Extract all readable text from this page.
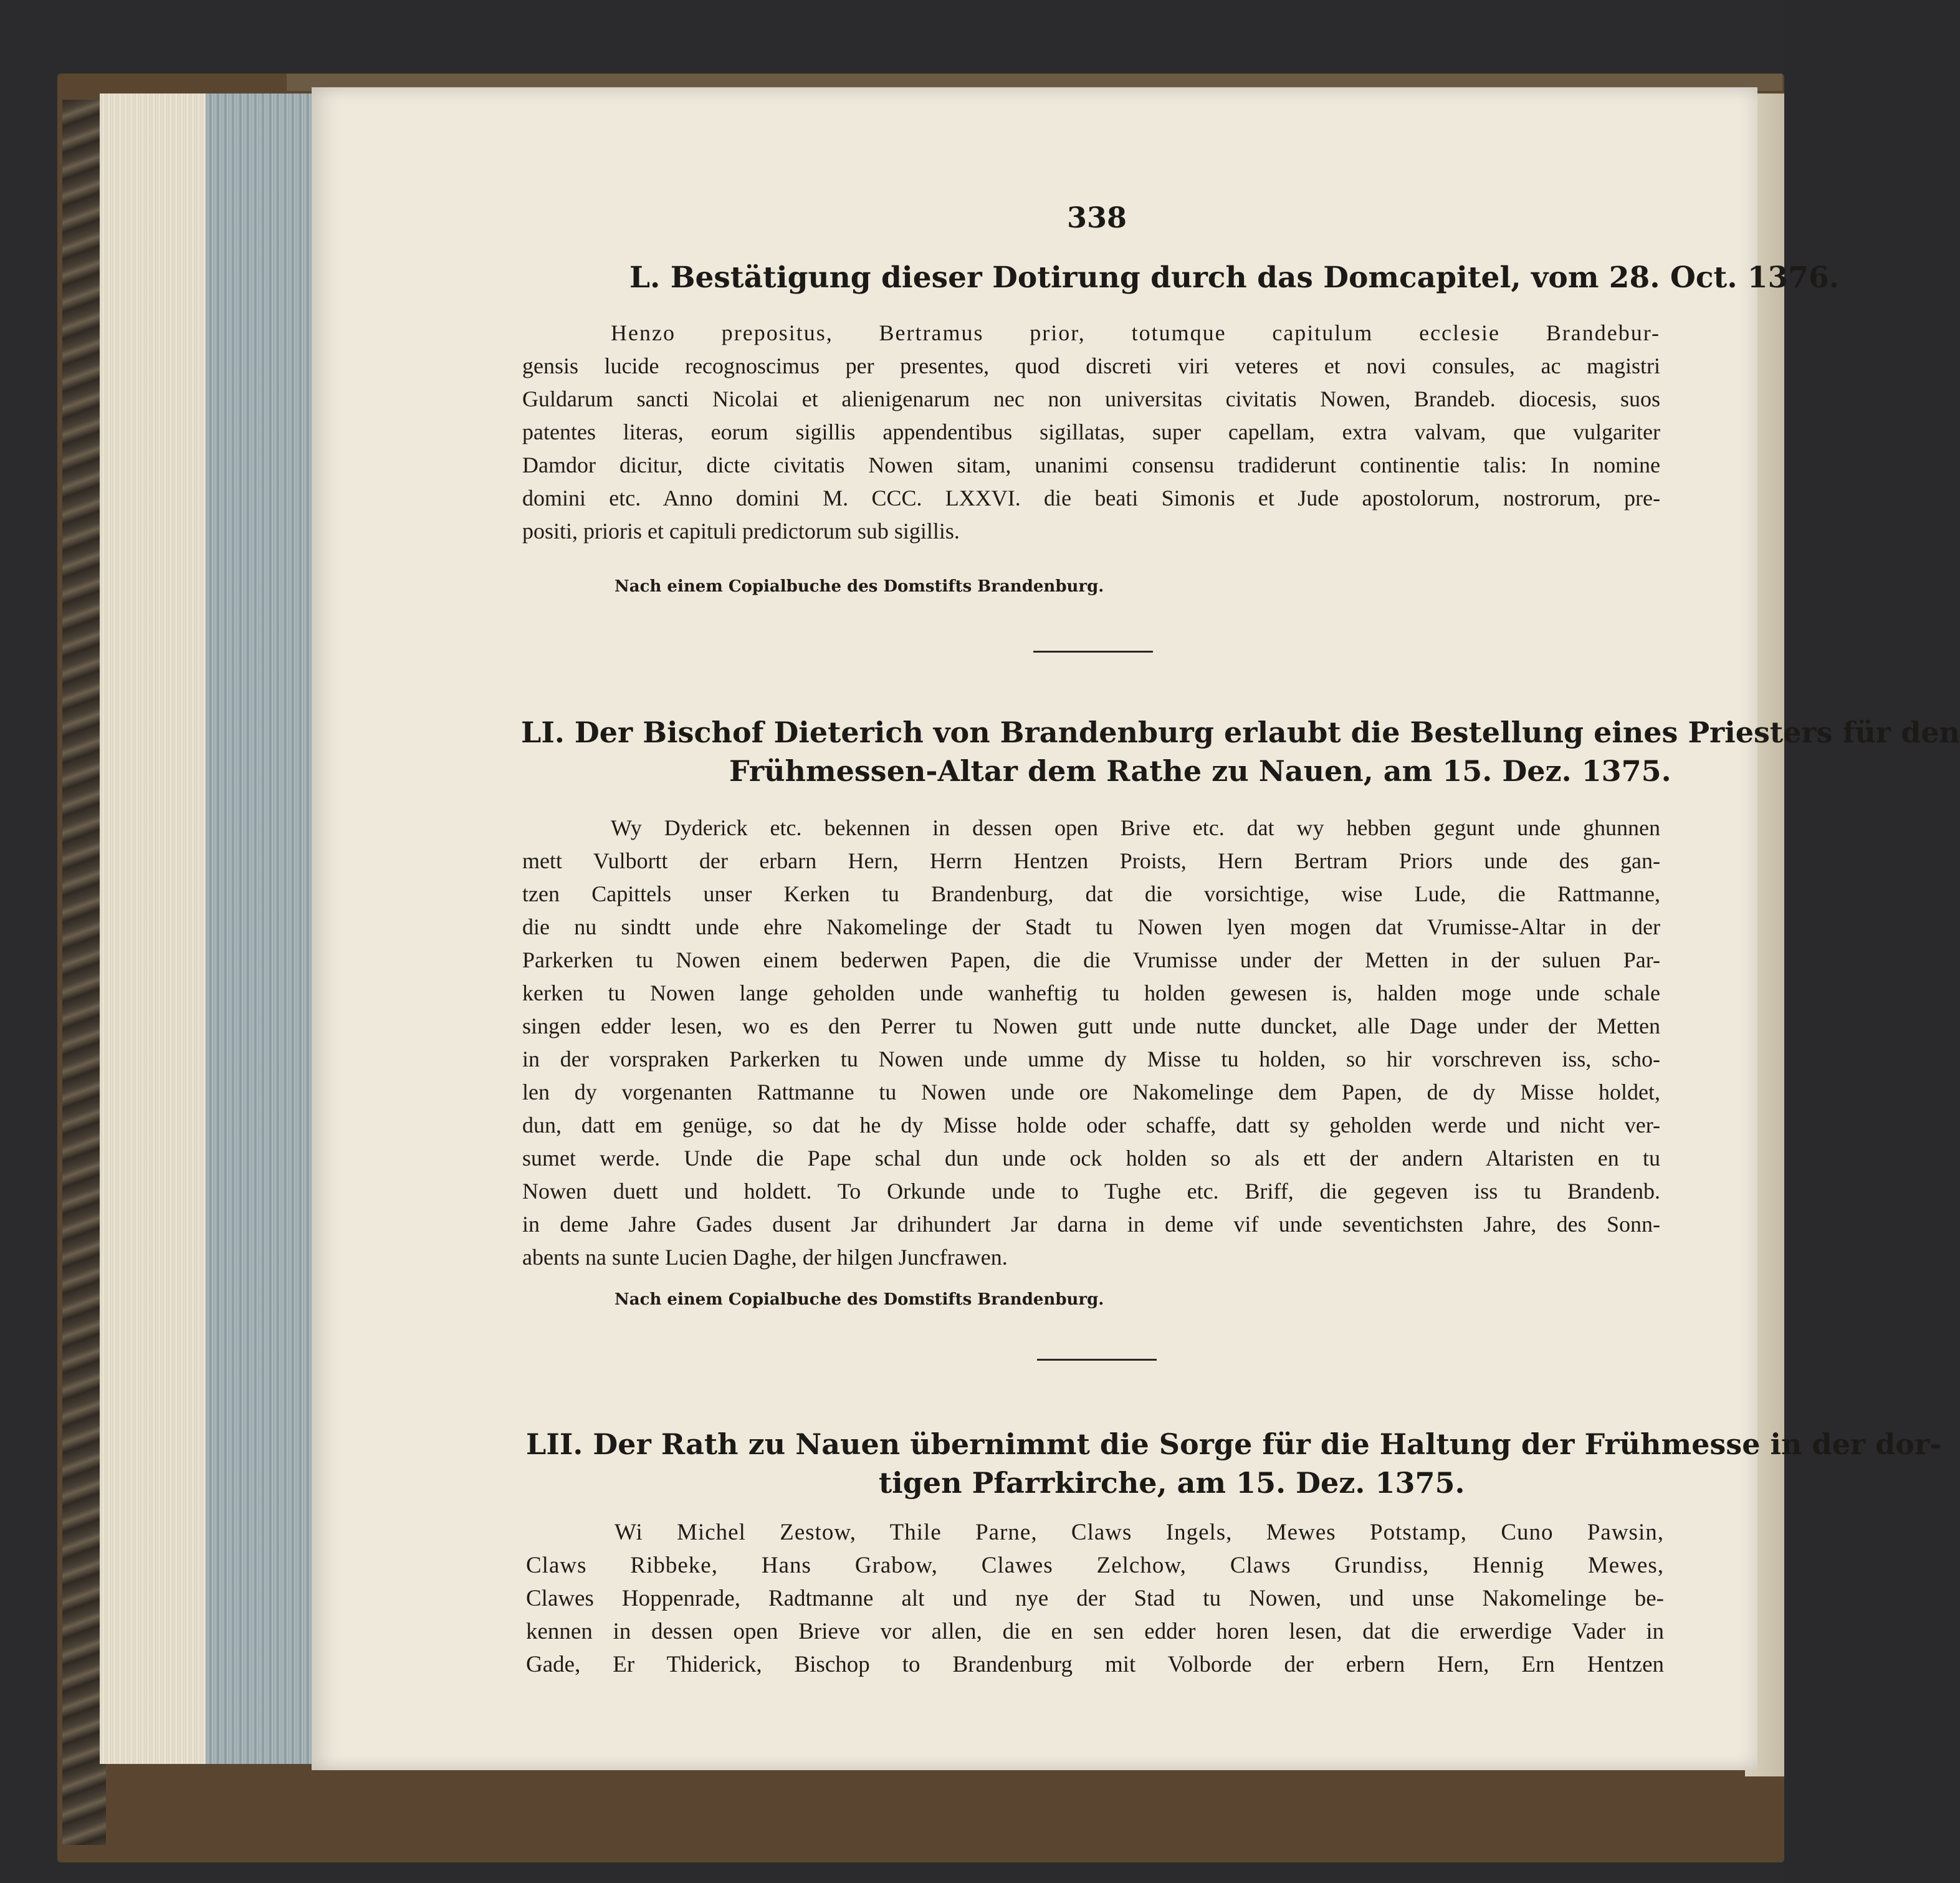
338
L. Bestätigung dieser Dotirung durch das Domcapitel, vom 28. Oct. 1376.
Henzo prepositus, Bertramus prior, totumque capitulum ecclesie Brandebur-
gensis lucide recognoscimus per presentes, quod discreti viri veteres et novi consules, ac magistri
Guldarum sancti Nicolai et alienigenarum nec non universitas civitatis Nowen, Brandeb. diocesis, suos
patentes literas, eorum sigillis appendentibus sigillatas, super capellam, extra valvam, que vulgariter
Damdor dicitur, dicte civitatis Nowen sitam, unanimi consensu tradiderunt continentie talis: In nomine
domini etc. Anno domini M. CCC. LXXVI. die beati Simonis et Jude apostolorum, nostrorum, pre-
positi, prioris et capituli predictorum sub sigillis.
Nach einem Copialbuche des Domstifts Brandenburg.
LI. Der Bischof Dieterich von Brandenburg erlaubt die Bestellung eines Priesters für den
Frühmessen-Altar dem Rathe zu Nauen, am 15. Dez. 1375.
Wy Dyderick etc. bekennen in dessen open Brive etc. dat wy hebben gegunt unde ghunnen
mett Vulbortt der erbarn Hern, Herrn Hentzen Proists, Hern Bertram Priors unde des gan-
tzen Capittels unser Kerken tu Brandenburg, dat die vorsichtige, wise Lude, die Rattmanne,
die nu sindtt unde ehre Nakomelinge der Stadt tu Nowen lyen mogen dat Vrumisse-Altar in der
Parkerken tu Nowen einem bederwen Papen, die die Vrumisse under der Metten in der suluen Par-
kerken tu Nowen lange geholden unde wanheftig tu holden gewesen is, halden moge unde schale
singen edder lesen, wo es den Perrer tu Nowen gutt unde nutte duncket, alle Dage under der Metten
in der vorspraken Parkerken tu Nowen unde umme dy Misse tu holden, so hir vorschreven iss, scho-
len dy vorgenanten Rattmanne tu Nowen unde ore Nakomelinge dem Papen, de dy Misse holdet,
dun, datt em genüge, so dat he dy Misse holde oder schaffe, datt sy geholden werde und nicht ver-
sumet werde. Unde die Pape schal dun unde ock holden so als ett der andern Altaristen en tu
Nowen duett und holdett. To Orkunde unde to Tughe etc. Briff, die gegeven iss tu Brandenb.
in deme Jahre Gades dusent Jar drihundert Jar darna in deme vif unde seventichsten Jahre, des Sonn-
abents na sunte Lucien Daghe, der hilgen Juncfrawen.
Nach einem Copialbuche des Domstifts Brandenburg.
LII. Der Rath zu Nauen übernimmt die Sorge für die Haltung der Frühmesse in der dor-
tigen Pfarrkirche, am 15. Dez. 1375.
Wi Michel Zestow, Thile Parne, Claws Ingels, Mewes Potstamp, Cuno Pawsin,
Claws Ribbeke, Hans Grabow, Clawes Zelchow, Claws Grundiss, Hennig Mewes,
Clawes Hoppenrade, Radtmanne alt und nye der Stad tu Nowen, und unse Nakomelinge be-
kennen in dessen open Brieve vor allen, die en sen edder horen lesen, dat die erwerdige Vader in
Gade, Er Thiderick, Bischop to Brandenburg mit Volborde der erbern Hern, Ern Hentzen
